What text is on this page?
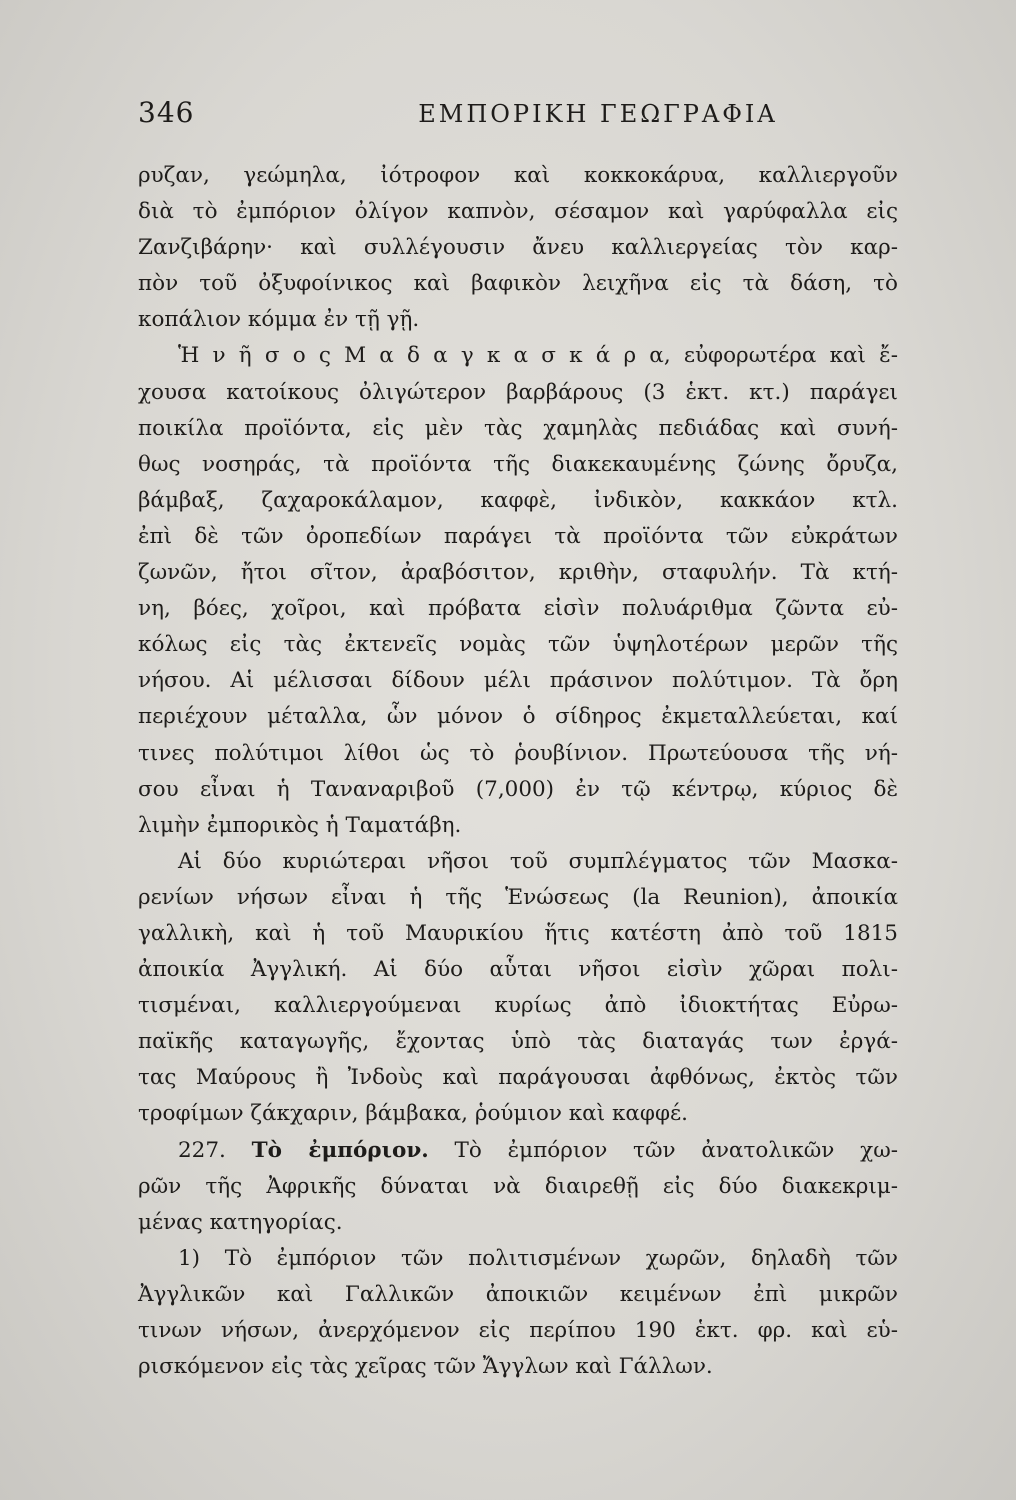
346	ΕΜΠΟΡΙΚΗ ΓΕΩΓΡΑΦΙΑ
ρυζαν, γεώμηλα, ἰότροφον καὶ κοκκοκάρυα, καλλιεργοῦν
διὰ τὸ ἐμπόριον ὀλίγον καπνὸν, σέσαμον καὶ γαρύφαλλα εἰς
Ζανζιβάρην· καὶ συλλέγουσιν ἄνευ καλλιεργείας τὸν καρ-
πὸν τοῦ ὀξυφοίνικος καὶ βαφικὸν λειχῆνα εἰς τὰ δάση, τὸ
κοπάλιον κόμμα ἐν τῇ γῇ.
Ἡ ν ῆ σ ο ς Μ α δ α γ κ α σ κ ά ρ α, εὐφορωτέρα καὶ ἔ-
χουσα κατοίκους ὀλιγώτερον βαρβάρους (3 ἑκτ. κτ.) παράγει
ποικίλα προϊόντα, εἰς μὲν τὰς χαμηλὰς πεδιάδας καὶ συνή-
θως νοσηράς, τὰ προϊόντα τῆς διακεκαυμένης ζώνης ὄρυζα,
βάμβαξ, ζαχαροκάλαμον, καφφὲ, ἰνδικὸν, κακκάον κτλ.
ἐπὶ δὲ τῶν ὀροπεδίων παράγει τὰ προϊόντα τῶν εὐκράτων
ζωνῶν, ἤτοι σῖτον, ἀραβόσιτον, κριθὴν, σταφυλήν. Τὰ κτή-
νη, βόες, χοῖροι, καὶ πρόβατα εἰσὶν πολυάριθμα ζῶντα εὐ-
κόλως εἰς τὰς ἐκτενεῖς νομὰς τῶν ὑψηλοτέρων μερῶν τῆς
νήσου. Αἱ μέλισσαι δίδουν μέλι πράσινον πολύτιμον. Τὰ ὄρη
περιέχουν μέταλλα, ὧν μόνον ὁ σίδηρος ἐκμεταλλεύεται, καί
τινες πολύτιμοι λίθοι ὡς τὸ ῥουβίνιον. Πρωτεύουσα τῆς νή-
σου εἶναι ἡ Ταναναριβοῦ (7,000) ἐν τῷ κέντρῳ, κύριος δὲ
λιμὴν ἐμπορικὸς ἡ Ταματάβη.
Αἱ δύο κυριώτεραι νῆσοι τοῦ συμπλέγματος τῶν Μασκα-
ρενίων νήσων εἶναι ἡ τῆς Ἑνώσεως (la Reunion), ἀποικία
γαλλικὴ, καὶ ἡ τοῦ Μαυρικίου ἥτις κατέστη ἀπὸ τοῦ 1815
ἀποικία Ἀγγλική. Αἱ δύο αὗται νῆσοι εἰσὶν χῶραι πολι-
τισμέναι, καλλιεργούμεναι κυρίως ἀπὸ ἰδιοκτήτας Εὐρω-
παϊκῆς καταγωγῆς, ἔχοντας ὑπὸ τὰς διαταγάς των ἐργά-
τας Μαύρους ἢ Ἰνδοὺς καὶ παράγουσαι ἀφθόνως, ἐκτὸς τῶν
τροφίμων ζάκχαριν, βάμβακα, ῥούμιον καὶ καφφέ.
227. Τὸ ἐμπόριον. Τὸ ἐμπόριον τῶν ἀνατολικῶν χω-
ρῶν τῆς Ἀφρικῆς δύναται νὰ διαιρεθῇ εἰς δύο διακεκριμ-
μένας κατηγορίας.
1) Τὸ ἐμπόριον τῶν πολιτισμένων χωρῶν, δηλαδὴ τῶν
Ἀγγλικῶν καὶ Γαλλικῶν ἀποικιῶν κειμένων ἐπὶ μικρῶν
τινων νήσων, ἀνερχόμενον εἰς περίπου 190 ἑκτ. φρ. καὶ εὑ-
ρισκόμενον εἰς τὰς χεῖρας τῶν Ἄγγλων καὶ Γάλλων.
